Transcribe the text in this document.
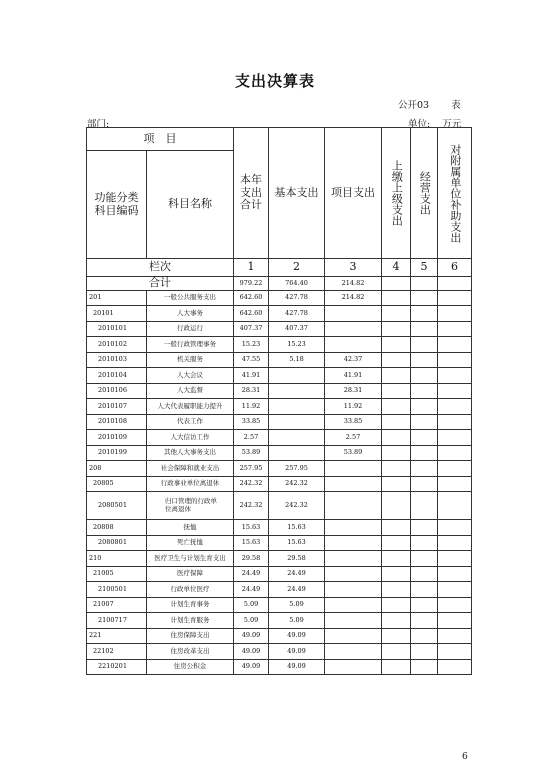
支出决算表
公开03 表
部门:	单位: 万元
项　目		本年
支出
合计	基本支出	项目支出	上缴上级支出	经营支出	对附属单位补助支出

功能分类
科目编码	科目名称						
栏次		1	2	3	4	5	6
合计		979.22	764.40	214.82			
201	一般公共服务支出	642.60	427.78	214.82			
20101	人大事务	642.60	427.78				
2010101	行政运行	407.37	407.37				
2010102	一般行政管理事务	15.23	15.23				
2010103	机关服务	47.55	5.18	42.37			
2010104	人大会议	41.91		41.91			
2010106	人大监督	28.31		28.31			
2010107	人大代表履职能力提升	11.92		11.92			
2010108	代表工作	33.85		33.85			
2010109	人大信访工作	2.57		2.57			
2010199	其他人大事务支出	53.89		53.89			
208	社会保障和就业支出	257.95	257.95				
20805	行政事业单位离退休	242.32	242.32				
2080501	归口管理的行政单
位离退休	242.32	242.32				
20808	抚恤	15.63	15.63				
2080801	死亡抚恤	15.63	15.63				
210	医疗卫生与计划生育支出	29.58	29.58				
21005	医疗保障	24.49	24.49				
2100501	行政单位医疗	24.49	24.49				
21007	计划生育事务	5.09	5.09				
2100717	计划生育服务	5.09	5.09				
221	住房保障支出	49.09	49.09				
22102	住房改革支出	49.09	49.09				
2210201	住房公积金	49.09	49.09				
6
